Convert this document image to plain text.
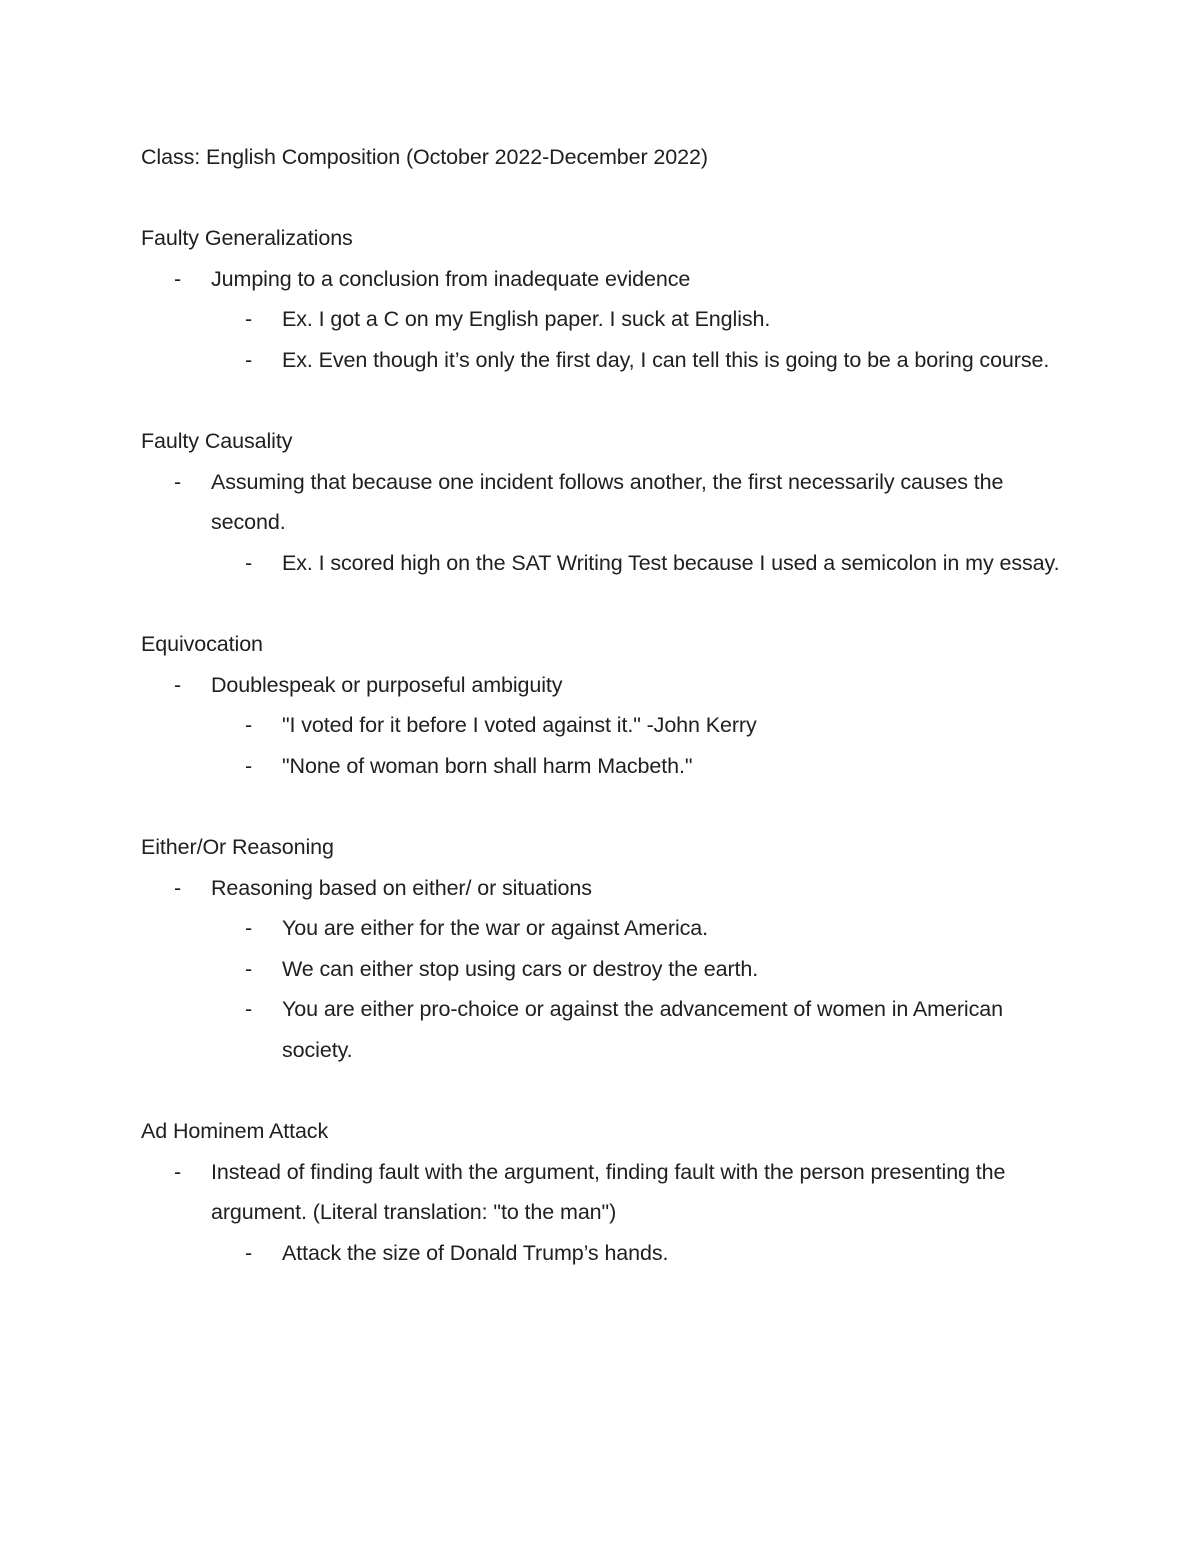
Class: English Composition (October 2022-December 2022)

Faulty Generalizations

-	Jumping to a conclusion from inadequate evidence
-	Ex. I got a C on my English paper. I suck at English.
-	Ex. Even though it’s only the first day, I can tell this is going to be a boring course.

Faulty Causality

-	Assuming that because one incident follows another, the first necessarily causes the second.
-	Ex. I scored high on the SAT Writing Test because I used a semicolon in my essay.

Equivocation

-	Doublespeak or purposeful ambiguity
-	"I voted for it before I voted against it." -John Kerry
-	"None of woman born shall harm Macbeth."

Either/Or Reasoning

-	Reasoning based on either/ or situations
-	You are either for the war or against America.
-	We can either stop using cars or destroy the earth.
-	You are either pro-choice or against the advancement of women in American society.

Ad Hominem Attack

-	Instead of finding fault with the argument, finding fault with the person presenting the argument. (Literal translation: "to the man")
-	Attack the size of Donald Trump’s hands.
